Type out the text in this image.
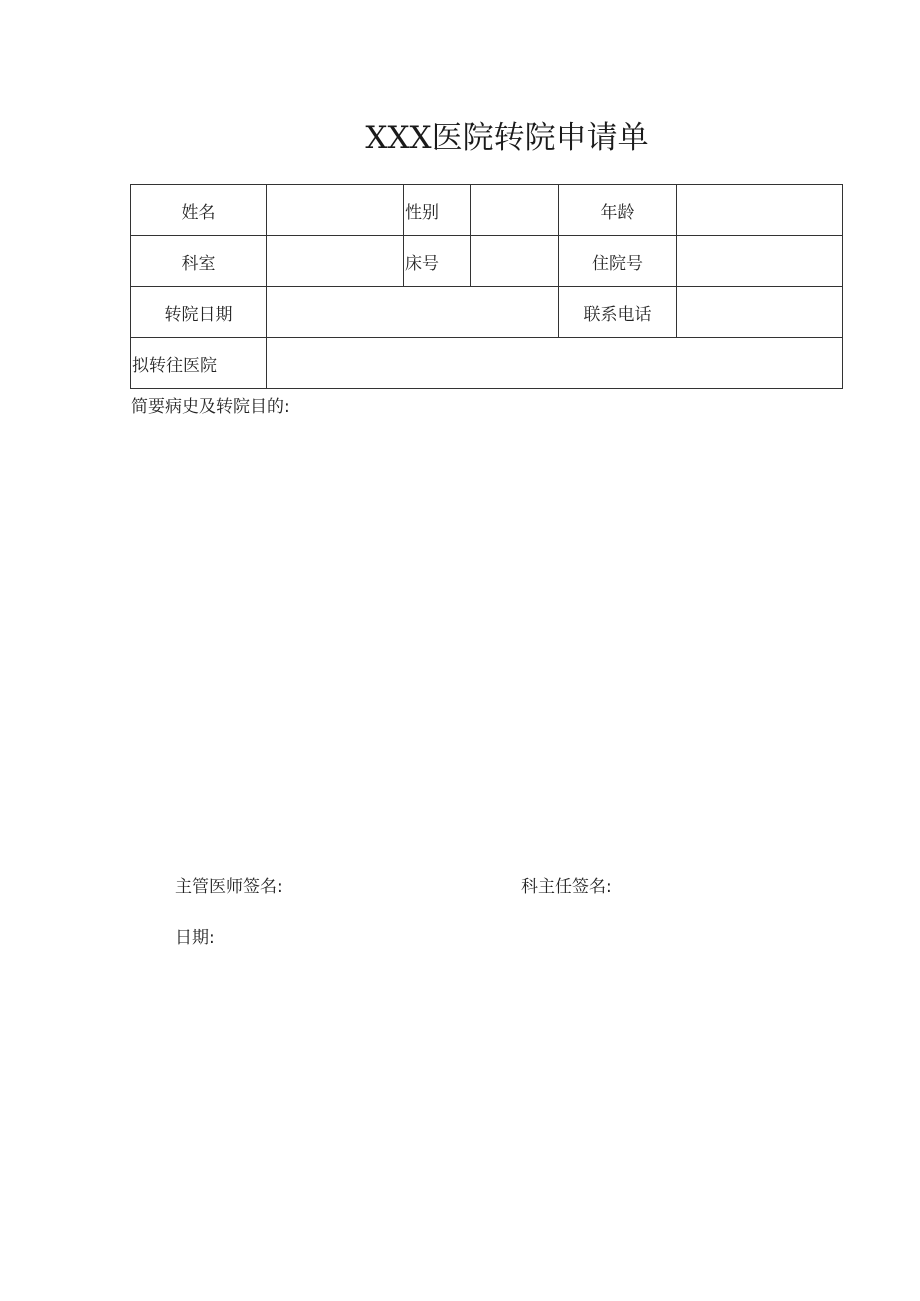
XXX医院转院申请单
姓名		性别		年龄	
科室		床号		住院号	
转院日期				联系电话	
拟转往医院					
简要病史及转院目的:
主管医师签名:	科主任签名:
日期:
